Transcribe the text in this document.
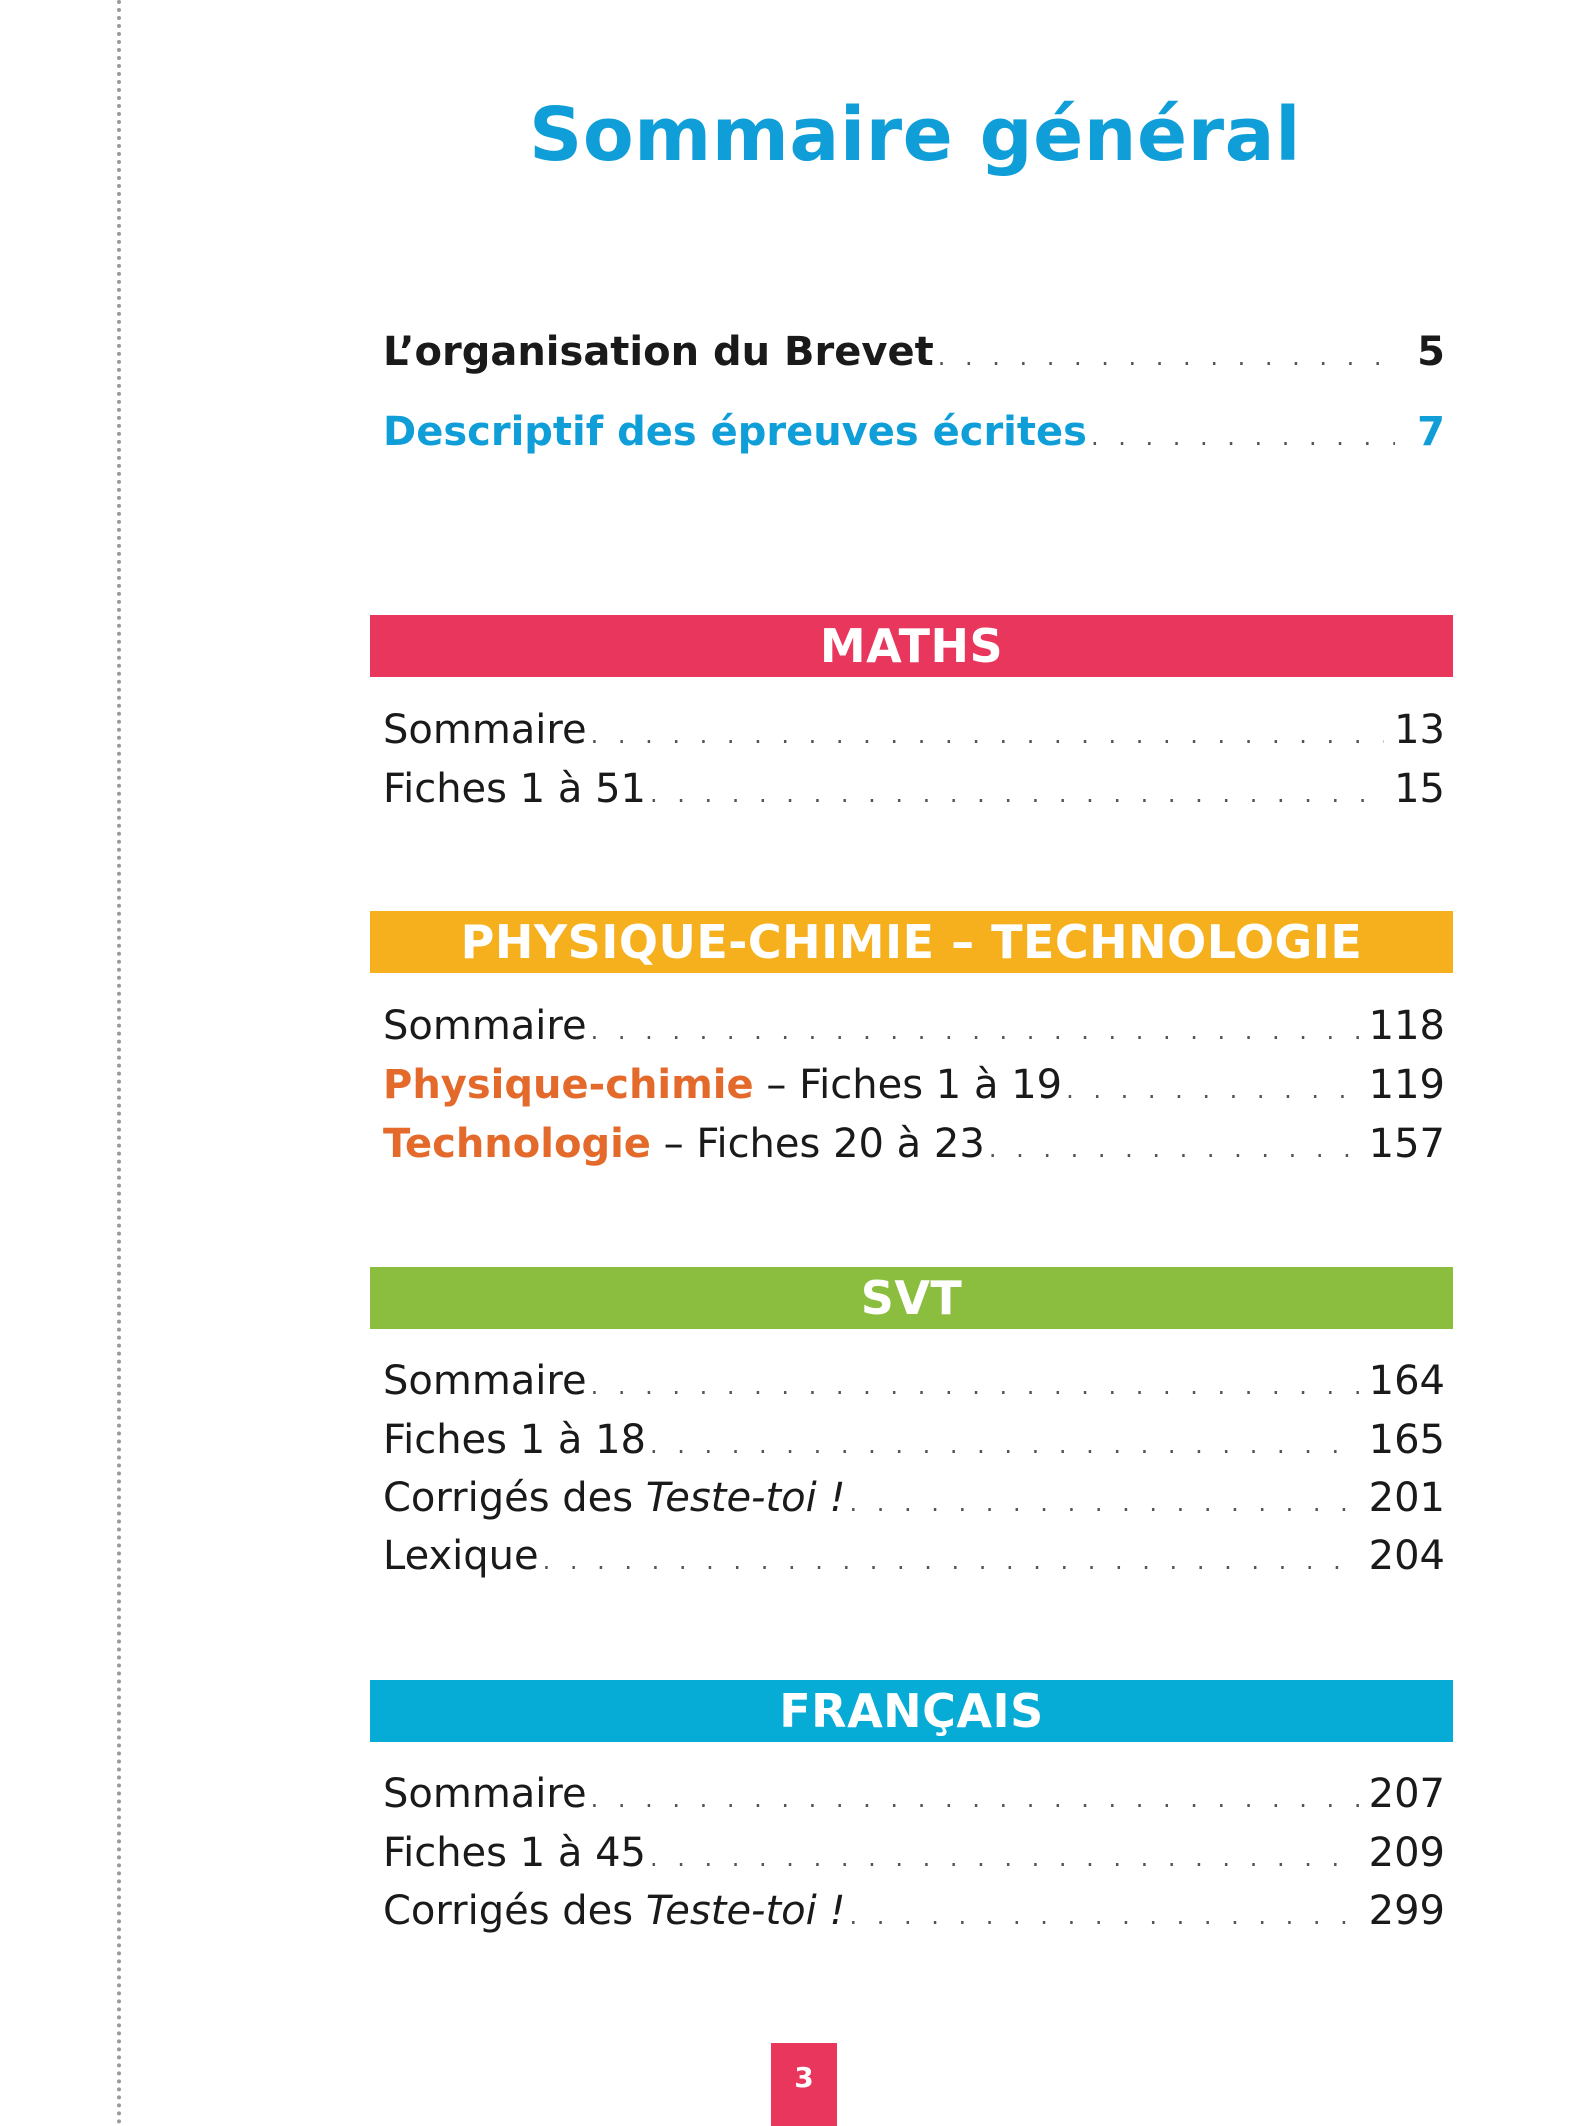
Sommaire général
L’organisation du Brevet . . .	5
Descriptif des épreuves écrites . . .	7
MATHS
Sommaire . . .	13
Fiches 1 à 51 . . .	15
PHYSIQUE-CHIMIE – TECHNOLOGIE
Sommaire . . .	118
Physique-chimie – Fiches 1 à 19 . . .	119
Technologie – Fiches 20 à 23 . . .	157
SVT
Sommaire . . .	164
Fiches 1 à 18 . . .	165
Corrigés des Teste-toi ! . . .	201
Lexique . . .	204
FRANÇAIS
Sommaire . . .	207
Fiches 1 à 45 . . .	209
Corrigés des Teste-toi ! . . .	299
3
